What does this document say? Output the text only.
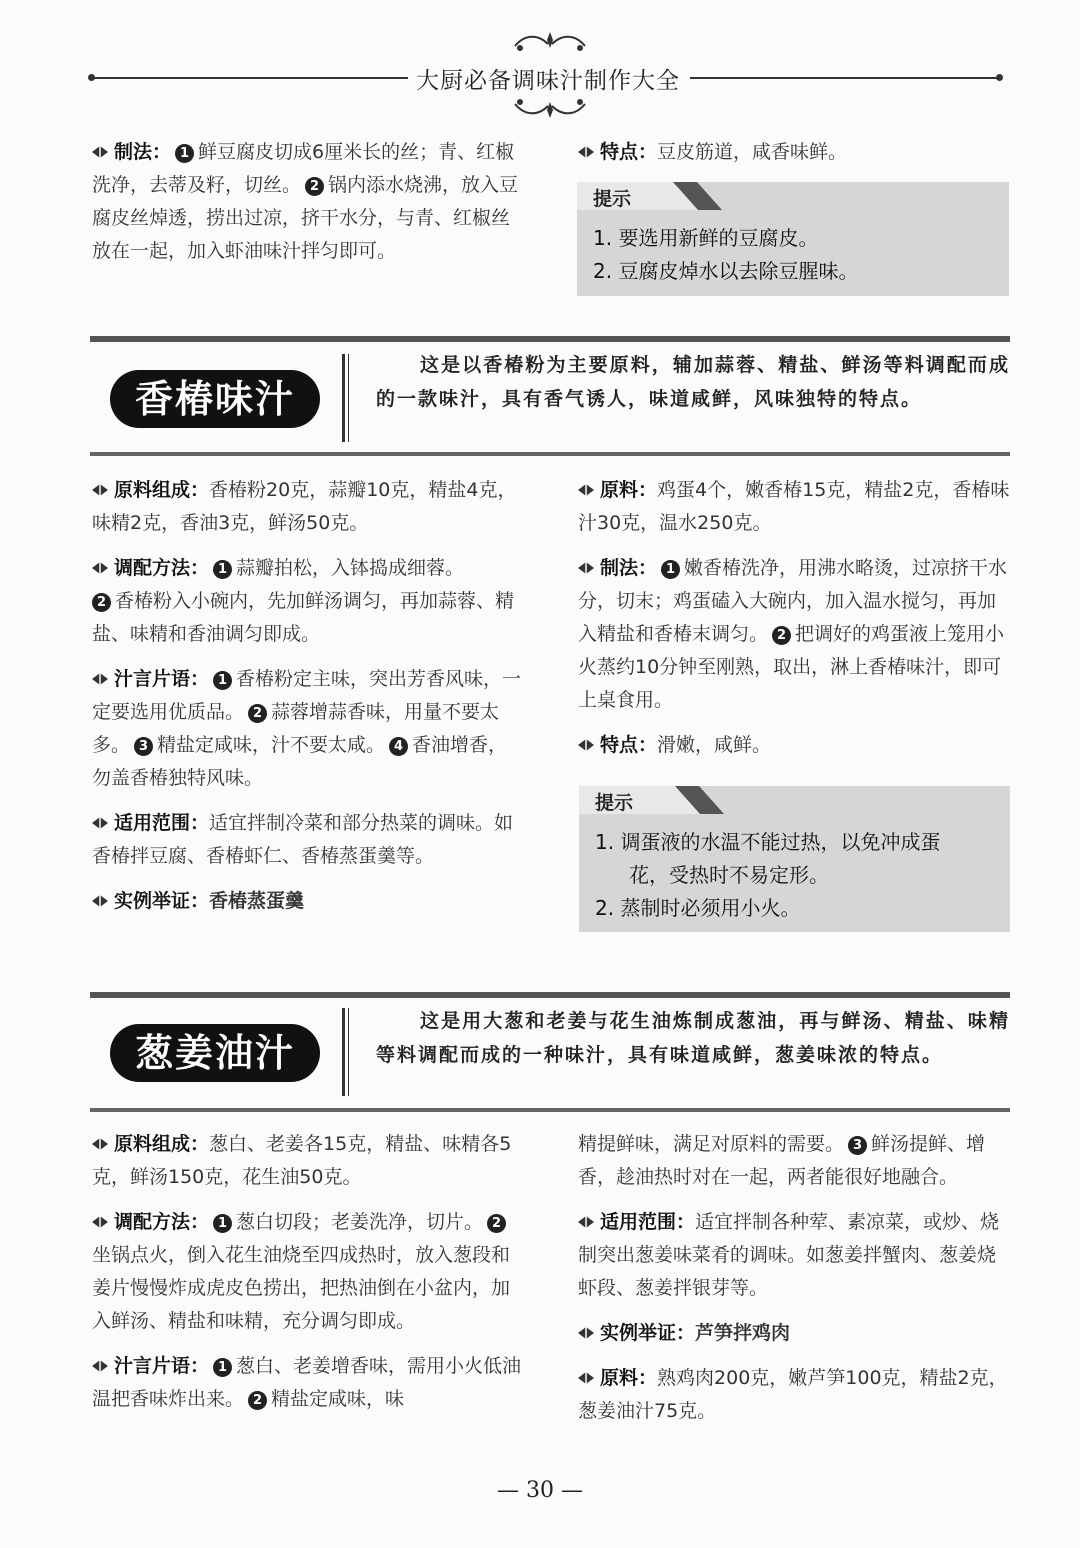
大厨必备调味汁制作大全

制法： 1 鲜豆腐皮切成6厘米长的丝；青、红椒洗净，去蒂及籽，切丝。 2 锅内添水烧沸，放入豆腐皮丝焯透，捞出过凉，挤干水分，与青、红椒丝放在一起，加入虾油味汁拌匀即可。

特点：豆皮筋道，咸香味鲜。

提示
1. 要选用新鲜的豆腐皮。
2. 豆腐皮焯水以去除豆腥味。
香椿味汁
这是以香椿粉为主要原料，辅加蒜蓉、精盐、鲜汤等料调配而成的一款味汁，具有香气诱人，味道咸鲜，风味独特的特点。

原料组成：香椿粉20克，蒜瓣10克，精盐4克，味精2克，香油3克，鲜汤50克。

调配方法： 1 蒜瓣拍松，入钵捣成细蓉。
2 香椿粉入小碗内，先加鲜汤调匀，再加蒜蓉、精盐、味精和香油调匀即成。

汁言片语： 1 香椿粉定主味，突出芳香风味，一定要选用优质品。 2 蒜蓉增蒜香味，用量不要太多。 3 精盐定咸味，汁不要太咸。 4 香油增香，勿盖香椿独特风味。

适用范围：适宜拌制冷菜和部分热菜的调味。如香椿拌豆腐、香椿虾仁、香椿蒸蛋羹等。

实例举证：香椿蒸蛋羹

原料：鸡蛋4个，嫩香椿15克，精盐2克，香椿味汁30克，温水250克。

制法： 1 嫩香椿洗净，用沸水略烫，过凉挤干水分，切末；鸡蛋磕入大碗内，加入温水搅匀，再加入精盐和香椿末调匀。 2 把调好的鸡蛋液上笼用小火蒸约10分钟至刚熟，取出，淋上香椿味汁，即可上桌食用。

特点：滑嫩，咸鲜。

提示
1. 调蛋液的水温不能过热，以免冲成蛋
花，受热时不易定形。
2. 蒸制时必须用小火。
葱姜油汁
这是用大葱和老姜与花生油炼制成葱油，再与鲜汤、精盐、味精等料调配而成的一种味汁，具有味道咸鲜，葱姜味浓的特点。

原料组成：葱白、老姜各15克，精盐、味精各5克，鲜汤150克，花生油50克。

调配方法： 1 葱白切段；老姜洗净，切片。 2坐锅点火，倒入花生油烧至四成热时，放入葱段和姜片慢慢炸成虎皮色捞出，把热油倒在小盆内，加入鲜汤、精盐和味精，充分调匀即成。

汁言片语： 1 葱白、老姜增香味，需用小火低油温把香味炸出来。 2 精盐定咸味，味

精提鲜味，满足对原料的需要。 3 鲜汤提鲜、增香，趁油热时对在一起，两者能很好地融合。

适用范围：适宜拌制各种荤、素凉菜，或炒、烧制突出葱姜味菜肴的调味。如葱姜拌蟹肉、葱姜烧虾段、葱姜拌银芽等。

实例举证：芦笋拌鸡肉

原料：熟鸡肉200克，嫩芦笋100克，精盐2克，葱姜油汁75克。

— 30 —
